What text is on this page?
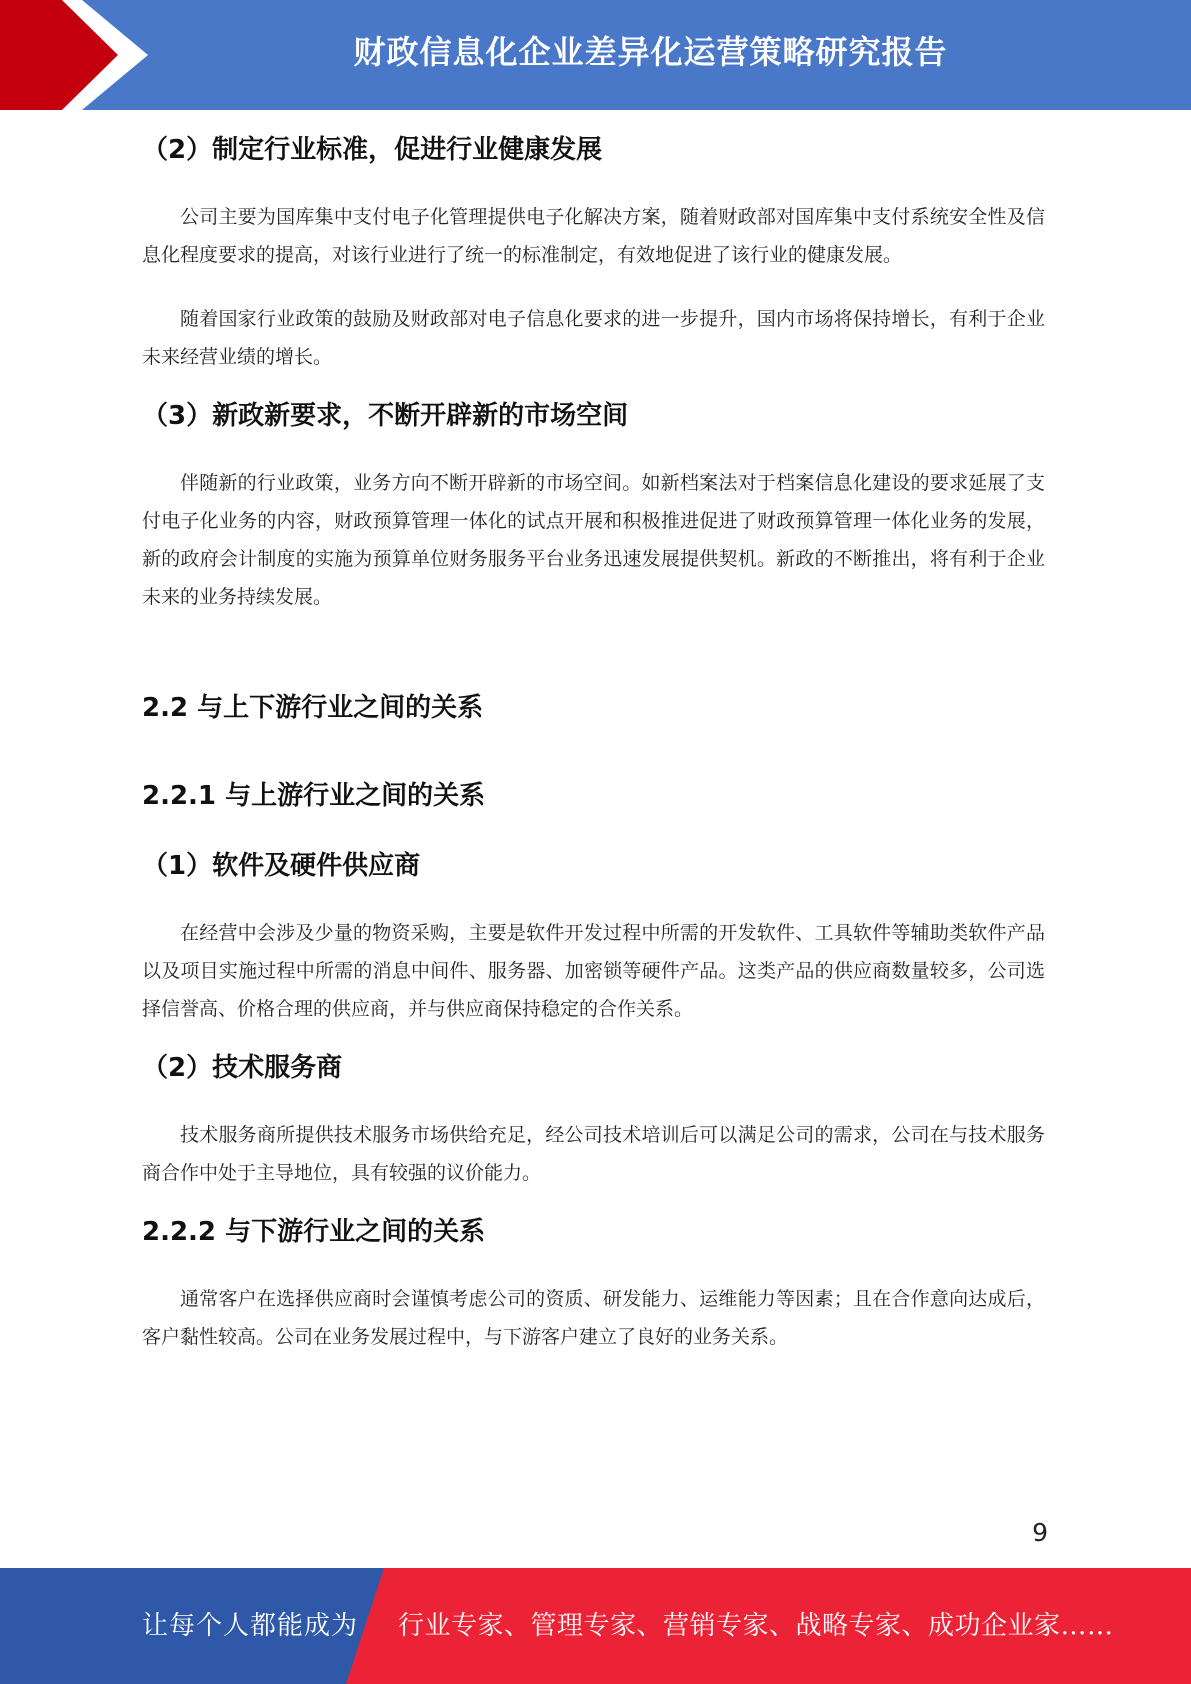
财政信息化企业差异化运营策略研究报告
（2）制定行业标准，促进行业健康发展

公司主要为国库集中支付电子化管理提供电子化解决方案，随着财政部对国库集中支付系统安全性及信息化程度要求的提高，对该行业进行了统一的标准制定，有效地促进了该行业的健康发展。

随着国家行业政策的鼓励及财政部对电子信息化要求的进一步提升，国内市场将保持增长，有利于企业未来经营业绩的增长。

（3）新政新要求，不断开辟新的市场空间

伴随新的行业政策，业务方向不断开辟新的市场空间。如新档案法对于档案信息化建设的要求延展了支付电子化业务的内容，财政预算管理一体化的试点开展和积极推进促进了财政预算管理一体化业务的发展，新的政府会计制度的实施为预算单位财务服务平台业务迅速发展提供契机。新政的不断推出，将有利于企业未来的业务持续发展。

2.2 与上下游行业之间的关系
2.2.1 与上游行业之间的关系
（1）软件及硬件供应商

在经营中会涉及少量的物资采购，主要是软件开发过程中所需的开发软件、工具软件等辅助类软件产品以及项目实施过程中所需的消息中间件、服务器、加密锁等硬件产品。这类产品的供应商数量较多，公司选择信誉高、价格合理的供应商，并与供应商保持稳定的合作关系。

（2）技术服务商

技术服务商所提供技术服务市场供给充足，经公司技术培训后可以满足公司的需求，公司在与技术服务商合作中处于主导地位，具有较强的议价能力。

2.2.2 与下游行业之间的关系

通常客户在选择供应商时会谨慎考虑公司的资质、研发能力、运维能力等因素；且在合作意向达成后，客户黏性较高。公司在业务发展过程中，与下游客户建立了良好的业务关系。

9
让每个人都能成为 行业专家、管理专家、营销专家、战略专家、成功企业家……
